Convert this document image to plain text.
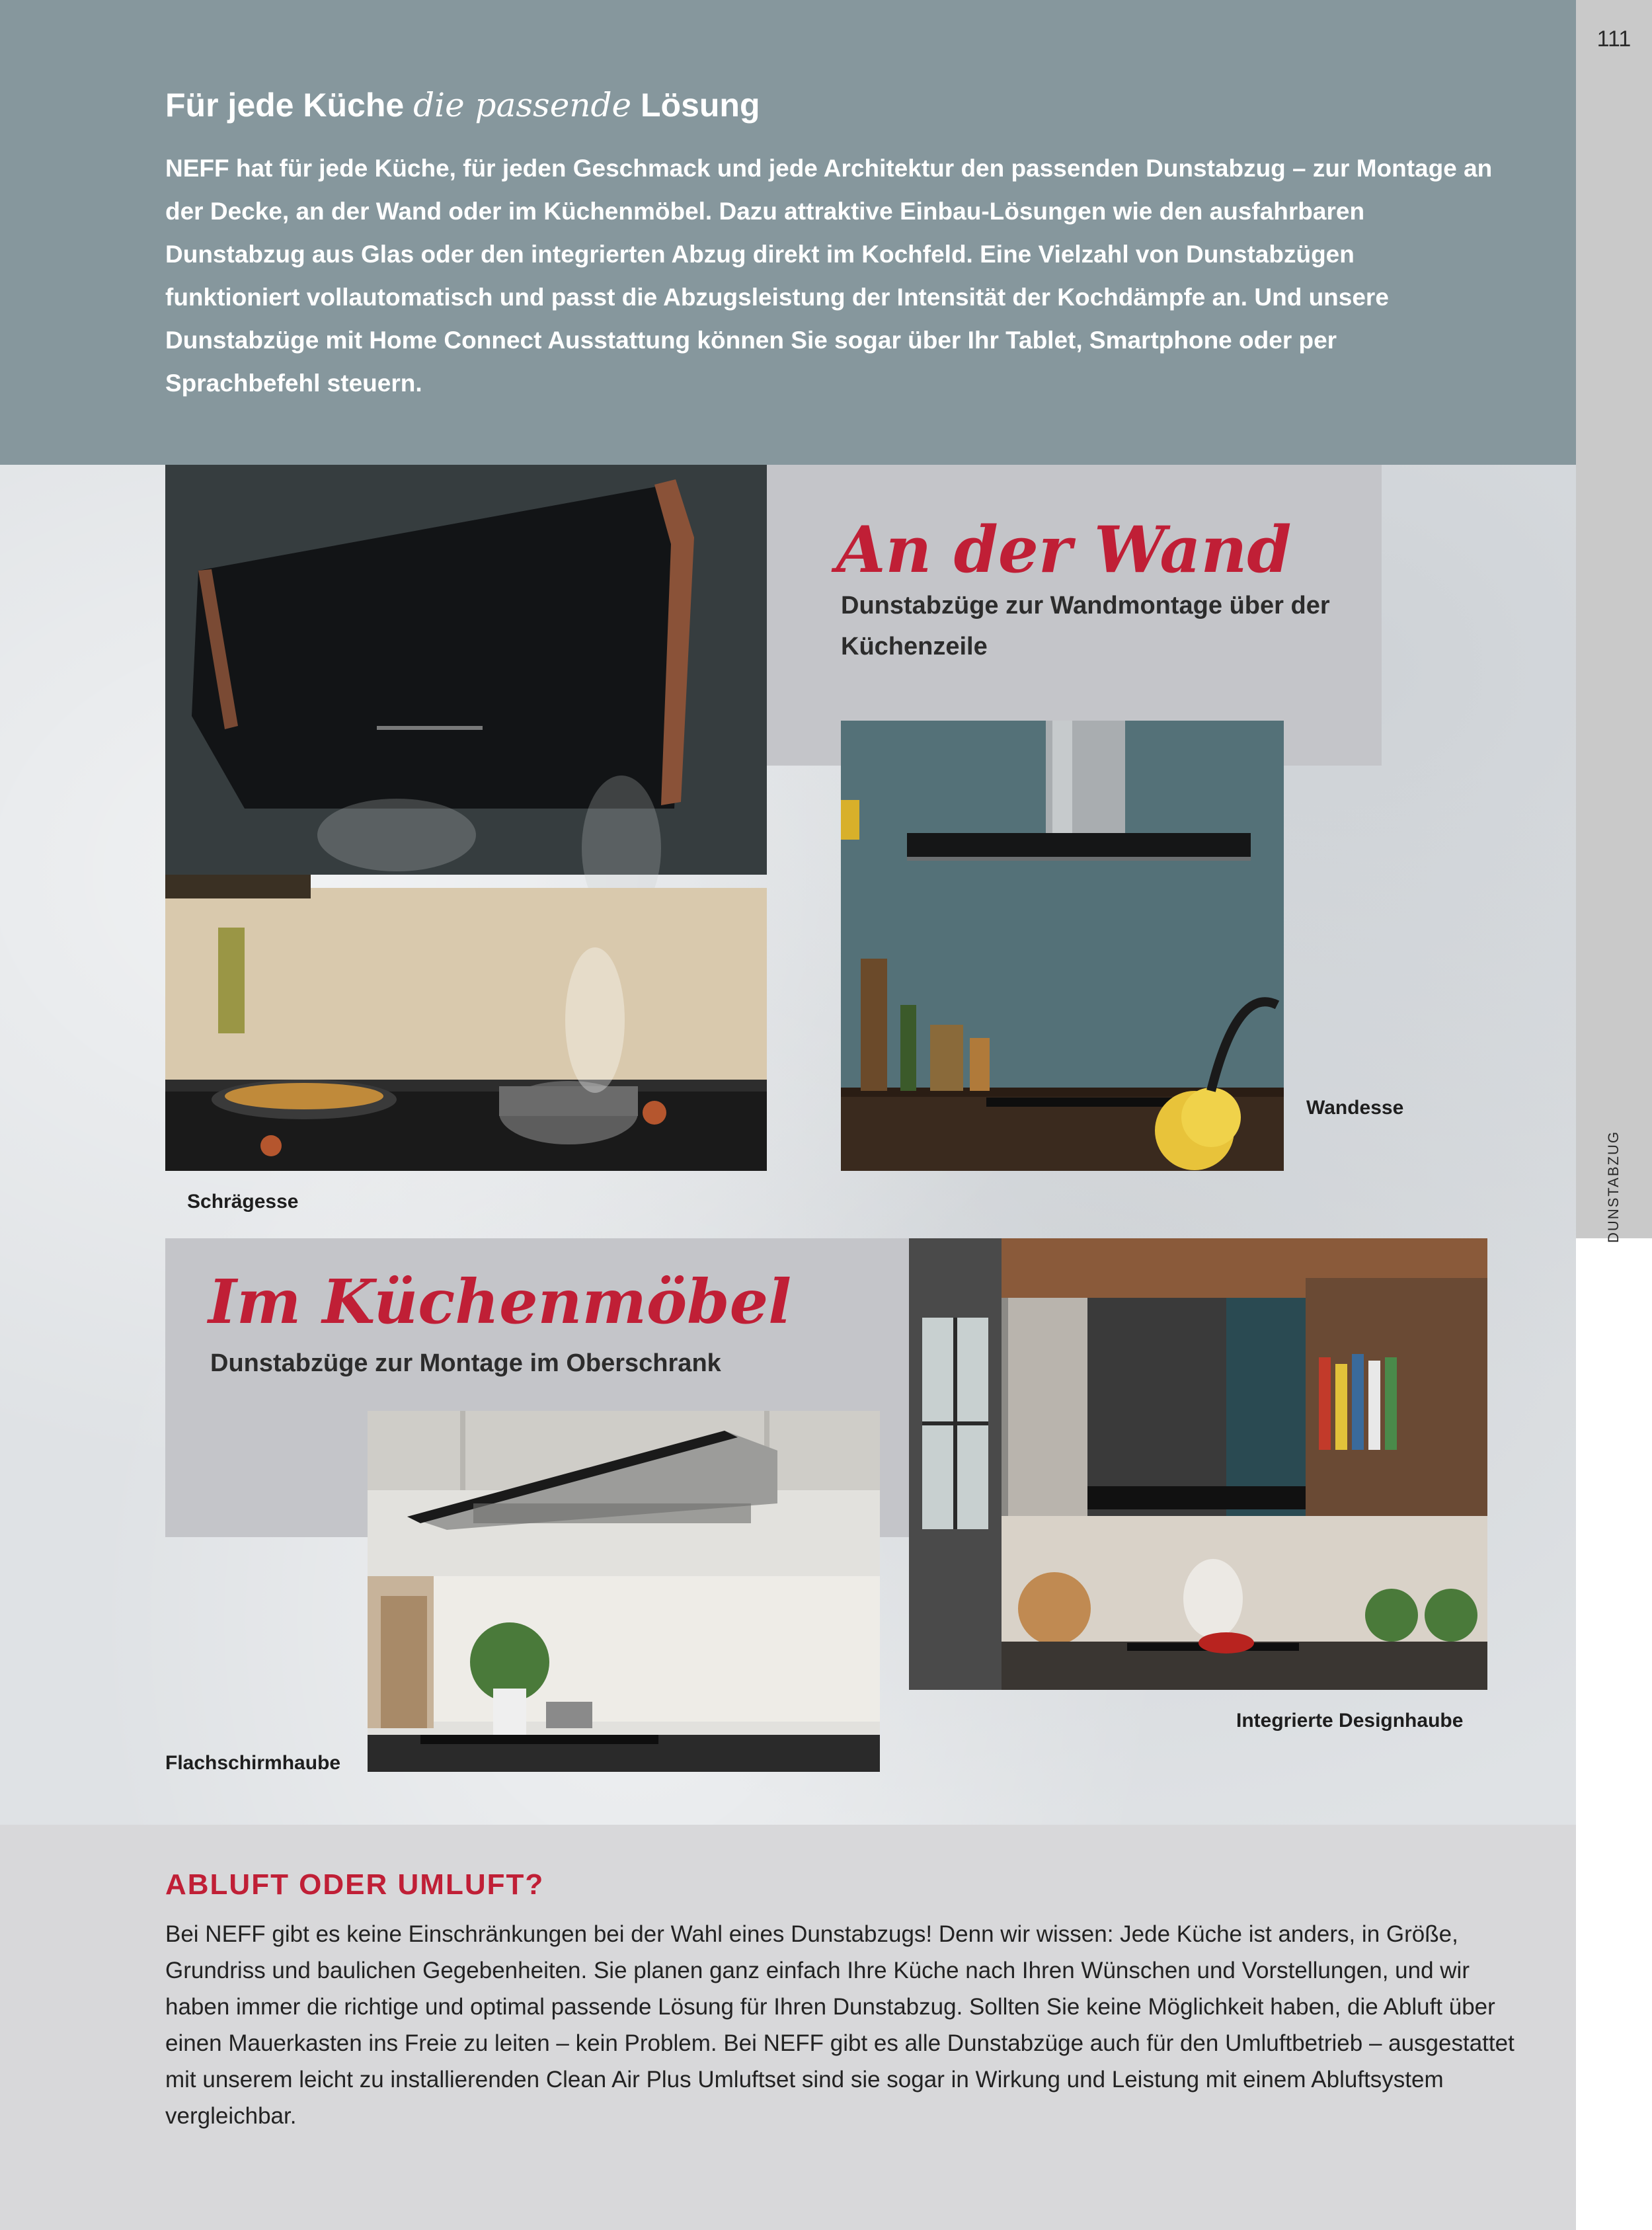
111
DUNSTABZUG
Für jede Küche die passende Lösung
NEFF hat für jede Küche, für jeden Geschmack und jede Architektur den passenden Dunstabzug – zur Montage an der Decke, an der Wand oder im Küchenmöbel. Dazu attraktive Einbau-Lösungen wie den ausfahrbaren Dunstabzug aus Glas oder den integrierten Abzug direkt im Kochfeld. Eine Vielzahl von Dunstabzügen funktioniert vollautomatisch und passt die Abzugsleistung der Intensität der Kochdämpfe an. Und unsere Dunstabzüge mit Home Connect Ausstattung können Sie sogar über Ihr Tablet, Smartphone oder per Sprachbefehl steuern.
An der Wand
Dunstabzüge zur Wandmontage über der Küchenzeile
Schrägesse
Wandesse
Im Küchenmöbel
Dunstabzüge zur Montage im Oberschrank
Flachschirmhaube
Integrierte Designhaube
ABLUFT ODER UMLUFT?
Bei NEFF gibt es keine Einschränkungen bei der Wahl eines Dunstabzugs! Denn wir wissen: Jede Küche ist anders, in Größe, Grundriss und baulichen Gegebenheiten. Sie planen ganz einfach Ihre Küche nach Ihren Wünschen und Vorstellungen, und wir haben immer die richtige und optimal passende Lösung für Ihren Dunstabzug. Sollten Sie keine Möglichkeit haben, die Abluft über einen Mauerkasten ins Freie zu leiten – kein Problem. Bei NEFF gibt es alle Dunstabzüge auch für den Umluftbetrieb – ausgestattet mit unserem leicht zu installierenden Clean Air Plus Umluftset sind sie sogar in Wirkung und Leistung mit einem Abluftsystem vergleichbar.
